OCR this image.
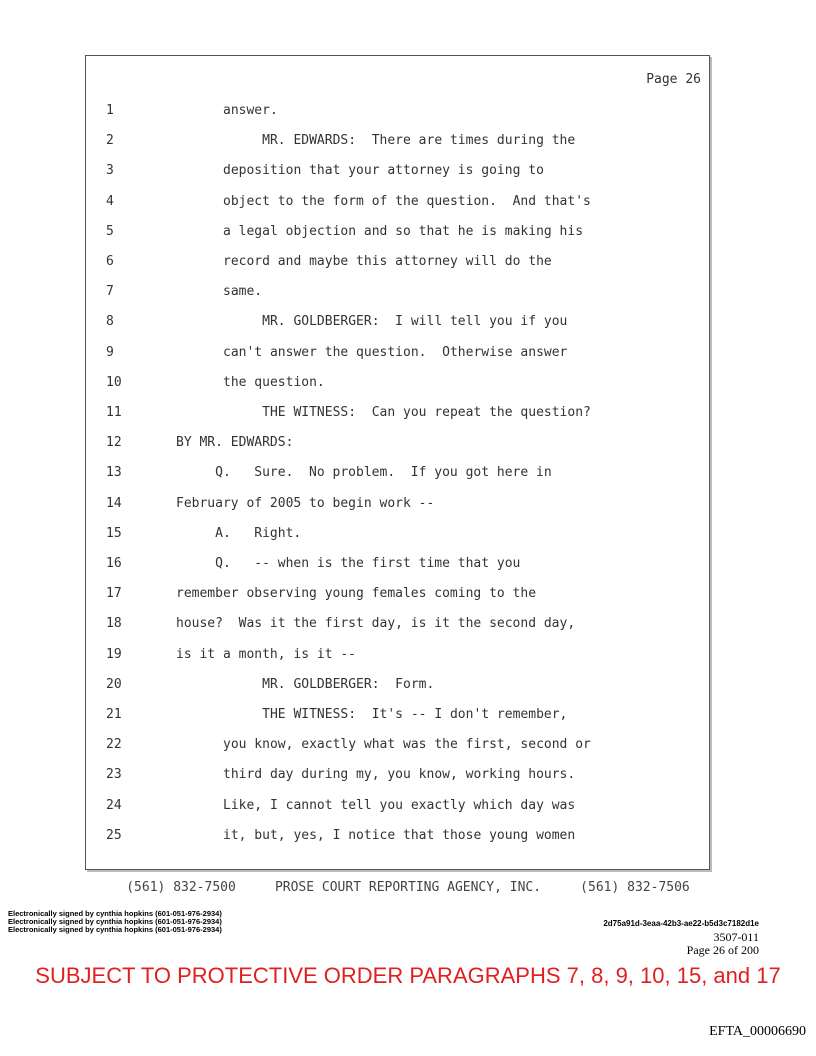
Page 26
1	answer.
2	MR. EDWARDS:  There are times during the
3	deposition that your attorney is going to
4	object to the form of the question.  And that's
5	a legal objection and so that he is making his
6	record and maybe this attorney will do the
7	same.
8	MR. GOLDBERGER:  I will tell you if you
9	can't answer the question.  Otherwise answer
10	the question.
11	THE WITNESS:  Can you repeat the question?
12	BY MR. EDWARDS:
13	Q.   Sure.  No problem.  If you got here in
14	February of 2005 to begin work --
15	A.   Right.
16	Q.   -- when is the first time that you
17	remember observing young females coming to the
18	house?  Was it the first day, is it the second day,
19	is it a month, is it --
20	MR. GOLDBERGER:  Form.
21	THE WITNESS:  It's -- I don't remember,
22	you know, exactly what was the first, second or
23	third day during my, you know, working hours.
24	Like, I cannot tell you exactly which day was
25	it, but, yes, I notice that those young women
(561) 832-7500     PROSE COURT REPORTING AGENCY, INC.     (561) 832-7506
Electronically signed by cynthia hopkins (601-051-976-2934)
Electronically signed by cynthia hopkins (601-051-976-2934)
Electronically signed by cynthia hopkins (601-051-976-2934)
2d75a91d-3eaa-42b3-ae22-b5d3c7182d1e
3507-011
Page 26 of 200
SUBJECT TO PROTECTIVE ORDER PARAGRAPHS 7, 8, 9, 10, 15, and 17
EFTA_00006690
